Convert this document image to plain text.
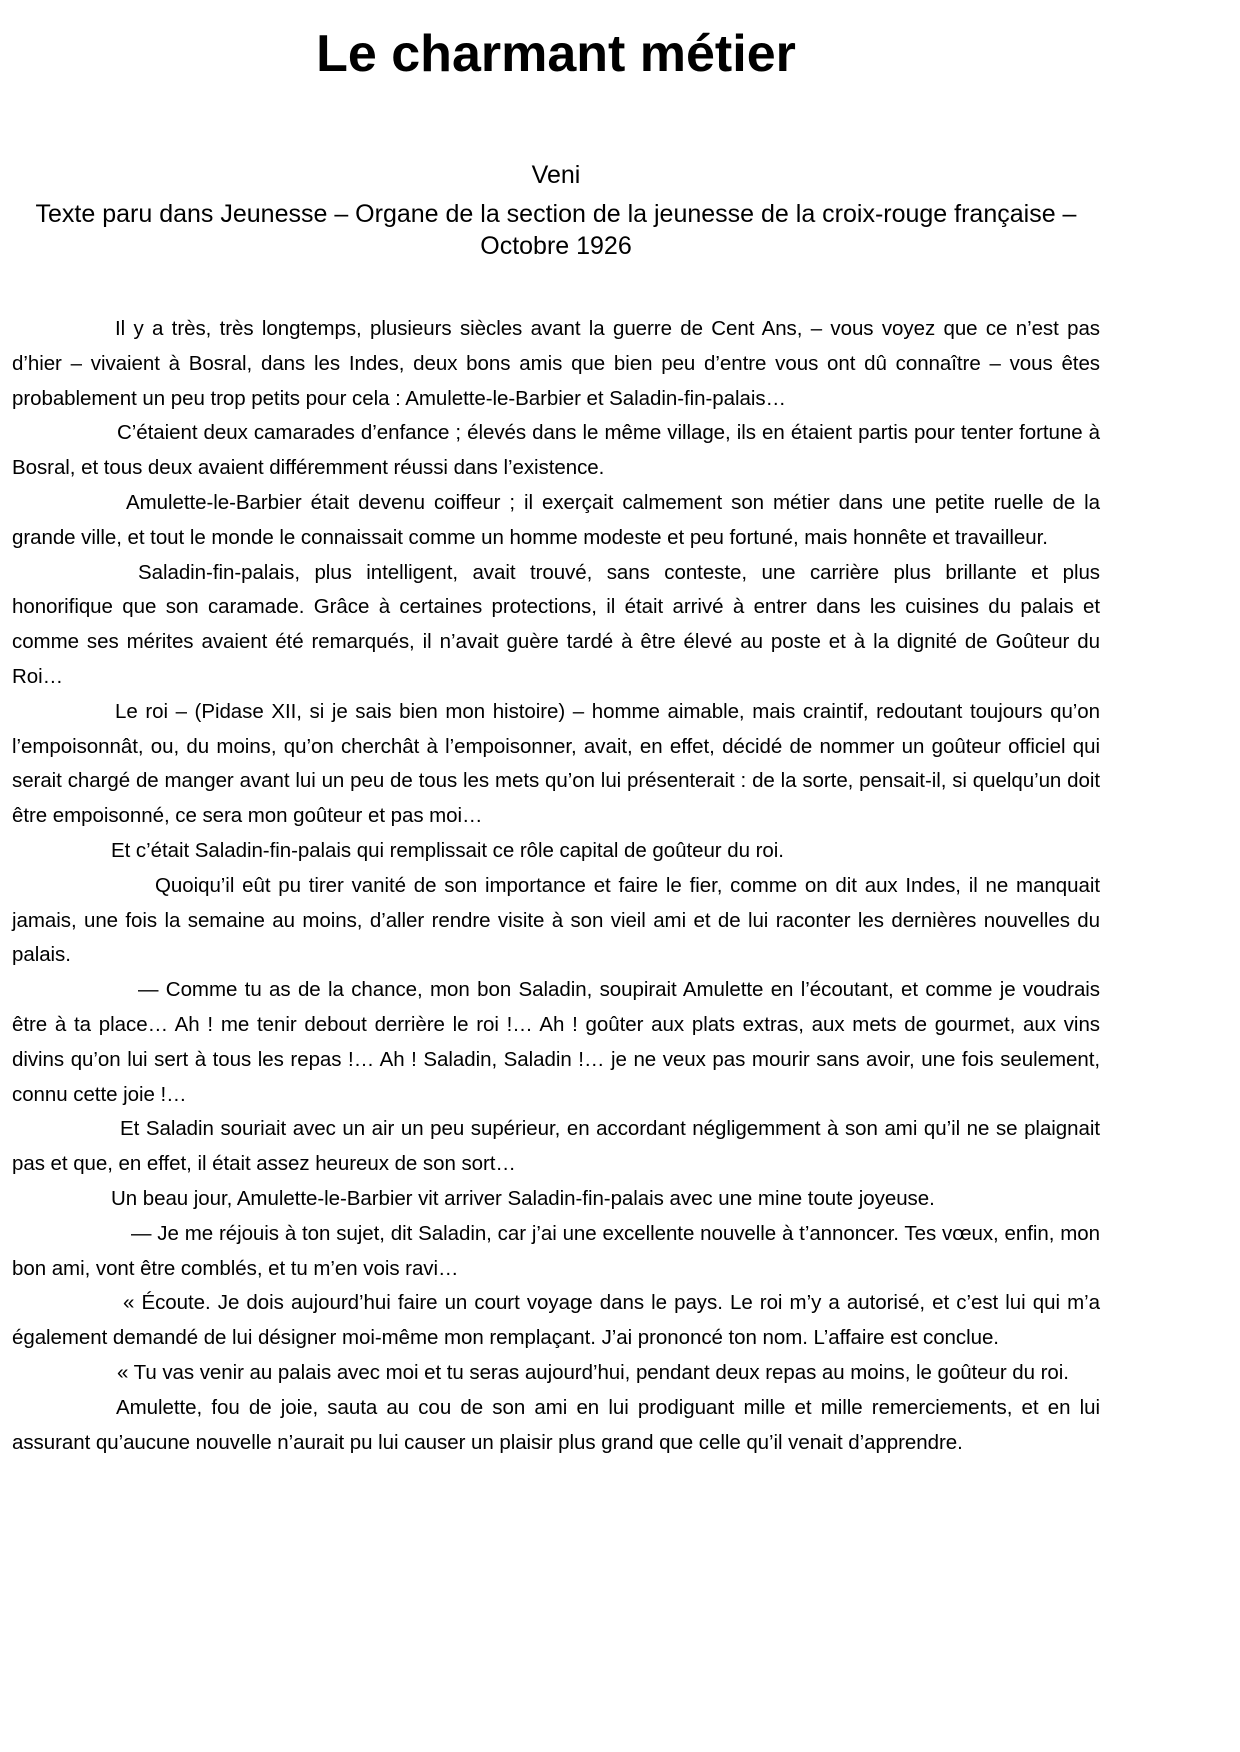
Le charmant métier

Veni

Texte paru dans Jeunesse – Organe de la section de la jeunesse de la croix-rouge française – Octobre 1926

Il y a très, très longtemps, plusieurs siècles avant la guerre de Cent Ans, – vous voyez que ce n’est pas d’hier – vivaient à Bosral, dans les Indes, deux bons amis que bien peu d’entre vous ont dû connaître – vous êtes probablement un peu trop petits pour cela : Amulette-le-Barbier et Saladin-fin-palais…

C’étaient deux camarades d’enfance ; élevés dans le même village, ils en étaient partis pour tenter fortune à Bosral, et tous deux avaient différemment réussi dans l’existence.

Amulette-le-Barbier était devenu coiffeur ; il exerçait calmement son métier dans une petite ruelle de la grande ville, et tout le monde le connaissait comme un homme modeste et peu fortuné, mais honnête et travailleur.

Saladin-fin-palais, plus intelligent, avait trouvé, sans conteste, une carrière plus brillante et plus honorifique que son caramade. Grâce à certaines protections, il était arrivé à entrer dans les cuisines du palais et comme ses mérites avaient été remarqués, il n’avait guère tardé à être élevé au poste et à la dignité de Goûteur du Roi…

Le roi – (Pidase XII, si je sais bien mon histoire) – homme aimable, mais craintif, redoutant toujours qu’on l’empoisonnât, ou, du moins, qu’on cherchât à l’empoisonner, avait, en effet, décidé de nommer un goûteur officiel qui serait chargé de manger avant lui un peu de tous les mets qu’on lui présenterait : de la sorte, pensait-il, si quelqu’un doit être empoisonné, ce sera mon goûteur et pas moi…

Et c’était Saladin-fin-palais qui remplissait ce rôle capital de goûteur du roi.

Quoiqu’il eût pu tirer vanité de son importance et faire le fier, comme on dit aux Indes, il ne manquait jamais, une fois la semaine au moins, d’aller rendre visite à son vieil ami et de lui raconter les dernières nouvelles du palais.

— Comme tu as de la chance, mon bon Saladin, soupirait Amulette en l’écoutant, et comme je voudrais être à ta place… Ah ! me tenir debout derrière le roi !… Ah ! goûter aux plats extras, aux mets de gourmet, aux vins divins qu’on lui sert à tous les repas !… Ah ! Saladin, Saladin !… je ne veux pas mourir sans avoir, une fois seulement, connu cette joie !…

Et Saladin souriait avec un air un peu supérieur, en accordant négligemment à son ami qu’il ne se plaignait pas et que, en effet, il était assez heureux de son sort…

Un beau jour, Amulette-le-Barbier vit arriver Saladin-fin-palais avec une mine toute joyeuse.

— Je me réjouis à ton sujet, dit Saladin, car j’ai une excellente nouvelle à t’annoncer. Tes vœux, enfin, mon bon ami, vont être comblés, et tu m’en vois ravi…

« Écoute. Je dois aujourd’hui faire un court voyage dans le pays. Le roi m’y a autorisé, et c’est lui qui m’a également demandé de lui désigner moi-même mon remplaçant. J’ai prononcé ton nom. L’affaire est conclue.

« Tu vas venir au palais avec moi et tu seras aujourd’hui, pendant deux repas au moins, le goûteur du roi.

Amulette, fou de joie, sauta au cou de son ami en lui prodiguant mille et mille remerciements, et en lui assurant qu’aucune nouvelle n’aurait pu lui causer un plaisir plus grand que celle qu’il venait d’apprendre.
